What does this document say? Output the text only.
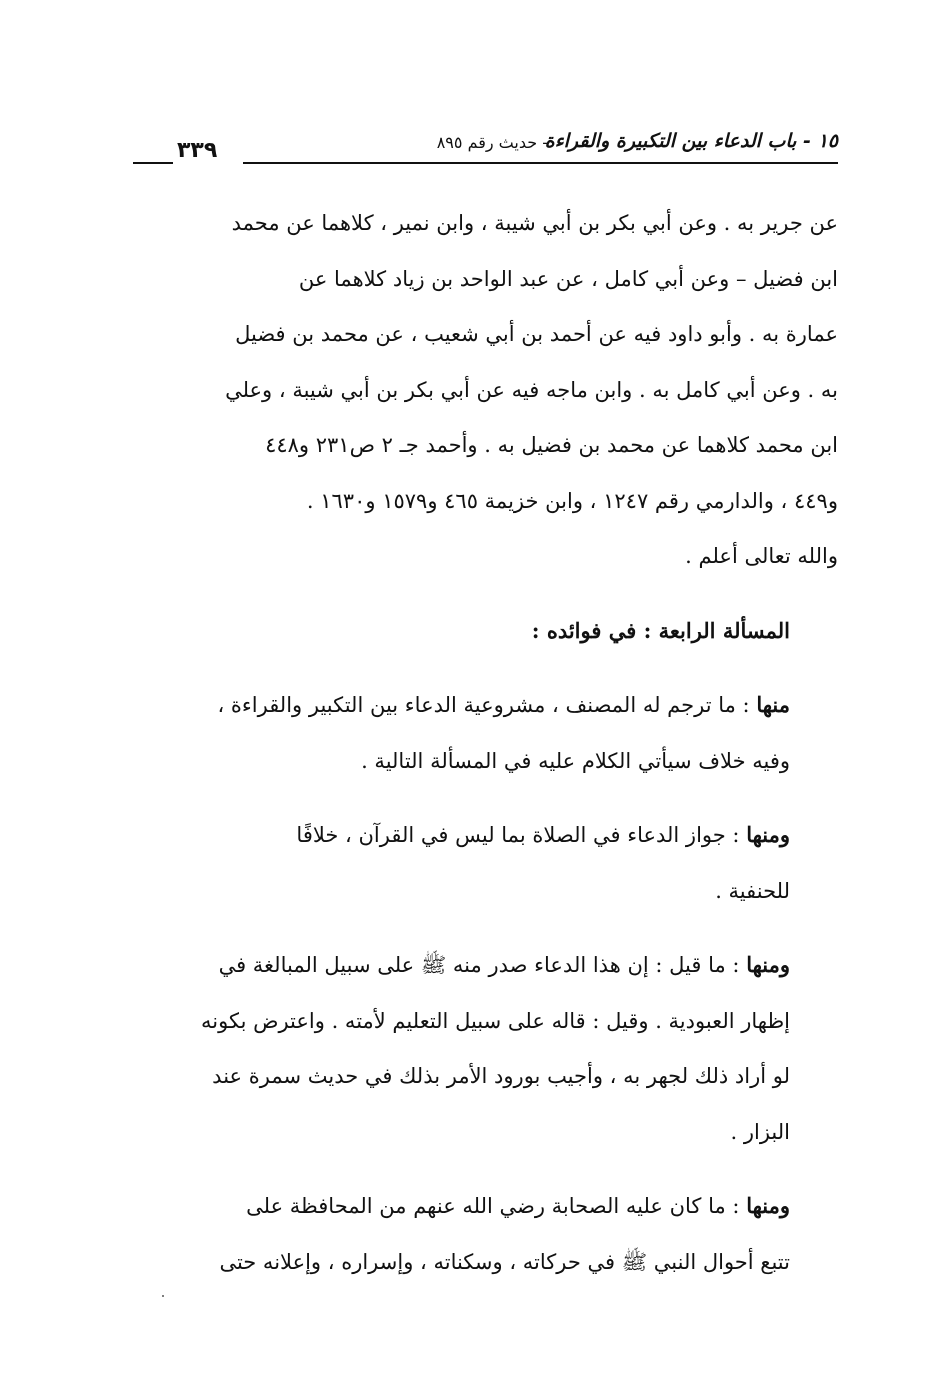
١٥ - باب الدعاء بين التكبيرة والقراءة
- حديث رقم ٨٩٥
٣٣٩

عن جرير به . وعن أبي بكر بن أبي شيبة ، وابن نمير ، كلاهما عن محمد
ابن فضيل – وعن أبي كامل ، عن عبد الواحد بن زياد كلاهما عن
عمارة به . وأبو داود فيه عن أحمد بن أبي شعيب ، عن محمد بن فضيل
به . وعن أبي كامل به . وابن ماجه فيه عن أبي بكر بن أبي شيبة ، وعلي
ابن محمد كلاهما عن محمد بن فضيل به . وأحمد جـ ٢ ص٢٣١ و٤٤٨
و٤٤٩ ، والدارمي رقم ١٢٤٧ ، وابن خزيمة ٤٦٥ و١٥٧٩ و١٦٣٠ .
والله تعالى أعلم .

المسألة الرابعة : في فوائده :

منها : ما ترجم له المصنف ، مشروعية الدعاء بين التكبير والقراءة ،
وفيه خلاف سيأتي الكلام عليه في المسألة التالية .

ومنها : جواز الدعاء في الصلاة بما ليس في القرآن ، خلافًا
للحنفية .

ومنها : ما قيل : إن هذا الدعاء صدر منه ﷺ على سبيل المبالغة في
إظهار العبودية . وقيل : قاله على سبيل التعليم لأمته . واعترض بكونه
لو أراد ذلك لجهر به ، وأجيب بورود الأمر بذلك في حديث سمرة عند
البزار .

ومنها : ما كان عليه الصحابة رضي الله عنهم من المحافظة على
تتبع أحوال النبي ﷺ في حركاته ، وسكناته ، وإسراره ، وإعلانه حتى
